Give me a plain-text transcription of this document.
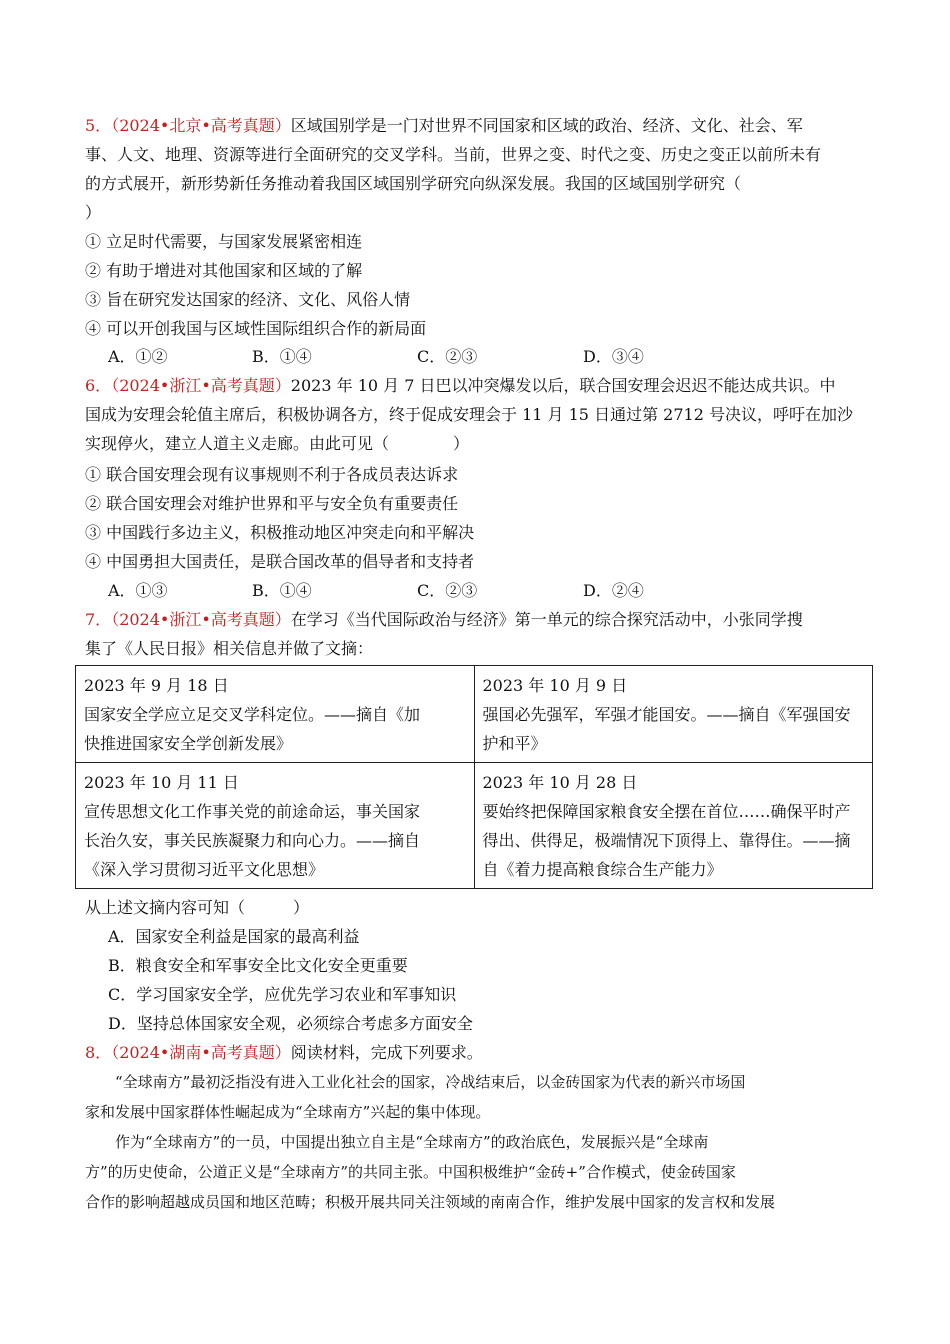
5．（2024•北京•高考真题）区域国别学是一门对世界不同国家和区域的政治、经济、文化、社会、军
事、人文、地理、资源等进行全面研究的交叉学科。当前，世界之变、时代之变、历史之变正以前所未有
的方式展开，新形势新任务推动着我国区域国别学研究向纵深发展。我国的区域国别学研究（
）
① 立足时代需要，与国家发展紧密相连
② 有助于增进对其他国家和区域的了解
③ 旨在研究发达国家的经济、文化、风俗人情
④ 可以开创我国与区域性国际组织合作的新局面
A．①②	B．①④	C．②③	D．③④
6．（2024•浙江•高考真题）2023 年 10 月 7 日巴以冲突爆发以后，联合国安理会迟迟不能达成共识。中
国成为安理会轮值主席后，积极协调各方，终于促成安理会于 11 月 15 日通过第 2712 号决议，呼吁在加沙
实现停火，建立人道主义走廊。由此可见（　　　　）
① 联合国安理会现有议事规则不利于各成员表达诉求
② 联合国安理会对维护世界和平与安全负有重要责任
③ 中国践行多边主义，积极推动地区冲突走向和平解决
④ 中国勇担大国责任，是联合国改革的倡导者和支持者
A．①③	B．①④	C．②③	D．②④
7．（2024•浙江•高考真题）在学习《当代国际政治与经济》第一单元的综合探究活动中，小张同学搜
集了《人民日报》相关信息并做了文摘：
2023 年 9 月 18 日
国家安全学应立足交叉学科定位。——摘自《加
快推进国家安全学创新发展》	2023 年 10 月 9 日
强国必先强军，军强才能国安。——摘自《军强国安
护和平》

2023 年 10 月 11 日
宣传思想文化工作事关党的前途命运，事关国家
长治久安，事关民族凝聚力和向心力。——摘自
《深入学习贯彻习近平文化思想》	2023 年 10 月 28 日
要始终把保障国家粮食安全摆在首位……确保平时产
得出、供得足，极端情况下顶得上、靠得住。——摘
自《着力提高粮食综合生产能力》
从上述文摘内容可知（　　　）
A．国家安全利益是国家的最高利益
B．粮食安全和军事安全比文化安全更重要
C．学习国家安全学，应优先学习农业和军事知识
D．坚持总体国家安全观，必须综合考虑多方面安全
8．（2024•湖南•高考真题）阅读材料，完成下列要求。
　　“全球南方”最初泛指没有进入工业化社会的国家，冷战结束后，以金砖国家为代表的新兴市场国
家和发展中国家群体性崛起成为“全球南方”兴起的集中体现。
　　作为“全球南方”的一员，中国提出独立自主是“全球南方”的政治底色，发展振兴是“全球南
方”的历史使命，公道正义是“全球南方”的共同主张。中国积极维护“金砖+”合作模式，使金砖国家
合作的影响超越成员国和地区范畴；积极开展共同关注领域的南南合作，维护发展中国家的发言权和发展
